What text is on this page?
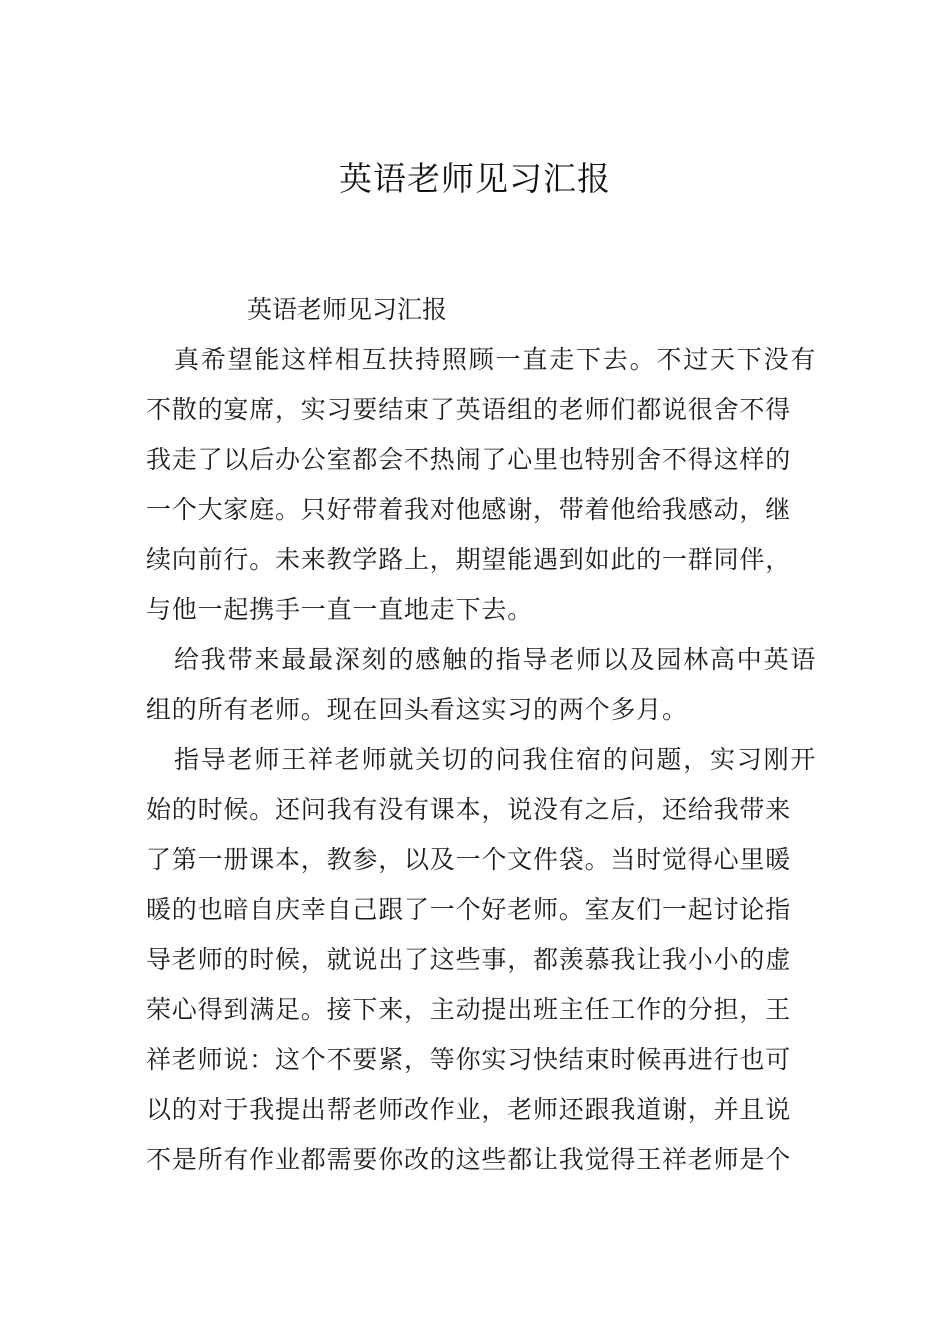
英语老师见习汇报
英语老师见习汇报
真希望能这样相互扶持照顾一直走下去。不过天下没有
不散的宴席，实习要结束了英语组的老师们都说很舍不得
我走了以后办公室都会不热闹了心里也特别舍不得这样的
一个大家庭。只好带着我对他感谢，带着他给我感动，继
续向前行。未来教学路上，期望能遇到如此的一群同伴，
与他一起携手一直一直地走下去。
给我带来最最深刻的感触的指导老师以及园林高中英语
组的所有老师。现在回头看这实习的两个多月。
指导老师王祥老师就关切的问我住宿的问题，实习刚开
始的时候。还问我有没有课本，说没有之后，还给我带来
了第一册课本，教参，以及一个文件袋。当时觉得心里暖
暖的也暗自庆幸自己跟了一个好老师。室友们一起讨论指
导老师的时候，就说出了这些事，都羡慕我让我小小的虚
荣心得到满足。接下来，主动提出班主任工作的分担，王
祥老师说：这个不要紧，等你实习快结束时候再进行也可
以的对于我提出帮老师改作业，老师还跟我道谢，并且说
不是所有作业都需要你改的这些都让我觉得王祥老师是个
